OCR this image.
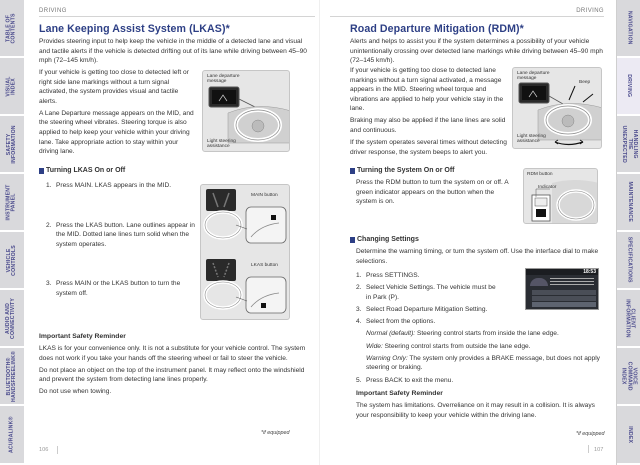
TABLE OF
CONTENTS
VISUAL INDEX
SAFETY
INFORMATION
INSTRUMENT
PANEL
VEHICLE
CONTROLS
AUDIO AND
CONNECTIVITY
BLUETOOTH®
HANDSFREELINK®
ACURALINK®
NAVIGATION
DRIVING
HANDLING THE
UNEXPECTED
MAINTENANCE
SPECIFICATIONS
CLIENT
INFORMATION
VOICE COMMAND
INDEX
INDEX
DRIVING
Lane Keeping Assist System (LKAS)*
Provides steering input to help keep the vehicle in the middle of a detected lane and visual and tactile alerts if the vehicle is detected drifting out of its lane while driving between 45–90 mph (72–145 km/h).

If your vehicle is getting too close to detected left or right side lane markings without a turn signal activated, the system provides visual and tactile alerts.

A Lane Departure message appears on the MID, and the steering wheel vibrates. Steering torque is also applied to help keep your vehicle within your driving lane. Take appropriate action to stay within your driving lane.

Lane departure message
Light steering assistance
Turning LKAS On or Off
1. Press MAIN. LKAS appears in the MID.
2. Press the LKAS button. Lane outlines appear in the MID. Dotted lane lines turn solid when the system operates.
3. Press MAIN or the LKAS button to turn the system off.
MAIN button
LKAS button
Important Safety Reminder

LKAS is for your convenience only. It is not a substitute for your vehicle control. The system does not work if you take your hands off the steering wheel or fail to steer the vehicle.

Do not place an object on the top of the instrument panel. It may reflect onto the windshield and prevent the system from detecting lane lines properly.

Do not use when towing.

*if equipped
106
DRIVING
Road Departure Mitigation (RDM)*
Alerts and helps to assist you if the system determines a possibility of your vehicle unintentionally crossing over detected lane markings while driving between 45–90 mph (72–145 km/h).

If your vehicle is getting too close to detected lane markings without a turn signal activated, a message appears in the MID. Steering wheel torque and vibrations are applied to help your vehicle stay in the lane.

Braking may also be applied if the lane lines are solid and continuous.

If the system operates several times without detecting driver response, the system beeps to alert you.

Lane departure message
Beep
Light steering assistance
Turning the System On or Off
Press the RDM button to turn the system on or off. A green indicator appears on the button when the system is on.
RDM button
Indicator
Changing Settings
Determine the warning timing, or turn the system off. Use the interface dial to make selections.
1. Press SETTINGS.
2. Select Vehicle Settings. The vehicle must be in Park (P).
3. Select Road Departure Mitigation Setting.
4. Select from the options.
Normal (default): Steering control starts from inside the lane edge.
Wide: Steering control starts from outside the lane edge.
Warning Only: The system only provides a BRAKE message, but does not apply steering or braking.
5. Press BACK to exit the menu.
18:53
Important Safety Reminder
The system has limitations. Overreliance on it may result in a collision. It is always your responsibility to keep your vehicle within the driving lane.
*if equipped
107
